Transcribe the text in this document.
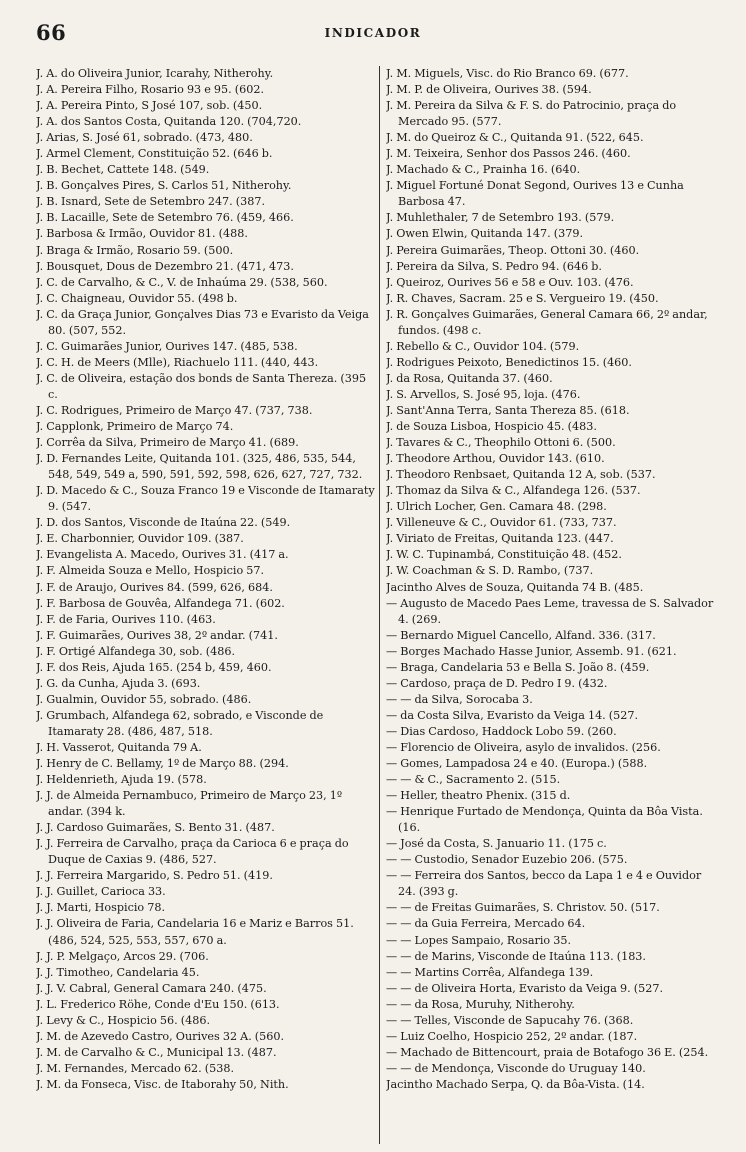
66	INDICADOR
J. A. do Oliveira Junior, Icarahy, Nitherohy.
J. A. Pereira Filho, Rosario 93 e 95. (602.
J. A. Pereira Pinto, S José 107, sob. (450.
J. A. dos Santos Costa, Quitanda 120. (704,720.
J. Arias, S. José 61, sobrado. (473, 480.
J. Armel Clement, Constituição 52. (646 b.
J. B. Bechet, Cattete 148. (549.
J. B. Gonçalves Pires, S. Carlos 51, Nitherohy.
J. B. Isnard, Sete de Setembro 247. (387.
J. B. Lacaille, Sete de Setembro 76. (459, 466.
J. Barbosa & Irmão, Ouvidor 81. (488.
J. Braga & Irmão, Rosario 59. (500.
J. Bousquet, Dous de Dezembro 21. (471, 473.
J. C. de Carvalho, & C., V. de Inhaúma 29. (538, 560.
J. C. Chaigneau, Ouvidor 55. (498 b.
J. C. da Graça Junior, Gonçalves Dias 73 e Evaristo da Veiga 80. (507, 552.
J. C. Guimarães Junior, Ourives 147. (485, 538.
J. C. H. de Meers (Mlle), Riachuelo 111. (440, 443.
J. C. de Oliveira, estação dos bonds de Santa Thereza. (395 c.
J. C. Rodrigues, Primeiro de Março 47. (737, 738.
J. Capplonk, Primeiro de Março 74.
J. Corrêa da Silva, Primeiro de Março 41. (689.
J. D. Fernandes Leite, Quitanda 101. (325, 486, 535, 544, 548, 549, 549 a, 590, 591, 592, 598, 626, 627, 727, 732.
J. D. Macedo & C., Souza Franco 19 e Visconde de Itamaraty 9. (547.
J. D. dos Santos, Visconde de Itaúna 22. (549.
J. E. Charbonnier, Ouvidor 109. (387.
J. Evangelista A. Macedo, Ourives 31. (417 a.
J. F. Almeida Souza e Mello, Hospicio 57.
J. F. de Araujo, Ourives 84. (599, 626, 684.
J. F. Barbosa de Gouvêa, Alfandega 71. (602.
J. F. de Faria, Ourives 110. (463.
J. F. Guimarães, Ourives 38, 2º andar. (741.
J. F. Ortigé Alfandega 30, sob. (486.
J. F. dos Reis, Ajuda 165. (254 b, 459, 460.
J. G. da Cunha, Ajuda 3. (693.
J. Gualmin, Ouvidor 55, sobrado. (486.
J. Grumbach, Alfandega 62, sobrado, e Visconde de Itamaraty 28. (486, 487, 518.
J. H. Vasserot, Quitanda 79 A.
J. Henry de C. Bellamy, 1º de Março 88. (294.
J. Heldenrieth, Ajuda 19. (578.
J. J. de Almeida Pernambuco, Primeiro de Março 23, 1º andar. (394 k.
J. J. Cardoso Guimarães, S. Bento 31. (487.
J. J. Ferreira de Carvalho, praça da Carioca 6 e praça do Duque de Caxias 9. (486, 527.
J. J. Ferreira Margarido, S. Pedro 51. (419.
J. J. Guillet, Carioca 33.
J. J. Marti, Hospicio 78.
J. J. Oliveira de Faria, Candelaria 16 e Mariz e Barros 51. (486, 524, 525, 553, 557, 670 a.
J. J. P. Melgaço, Arcos 29. (706.
J. J. Timotheo, Candelaria 45.
J. J. V. Cabral, General Camara 240. (475.
J. L. Frederico Röhe, Conde d'Eu 150. (613.
J. Levy & C., Hospicio 56. (486.
J. M. de Azevedo Castro, Ourives 32 A. (560.
J. M. de Carvalho & C., Municipal 13. (487.
J. M. Fernandes, Mercado 62. (538.
J. M. da Fonseca, Visc. de Itaborahy 50, Nith.
J. M. Miguels, Visc. do Rio Branco 69. (677.
J. M. P. de Oliveira, Ourives 38. (594.
J. M. Pereira da Silva & F. S. do Patrocinio, praça do Mercado 95. (577.
J. M. do Queiroz & C., Quitanda 91. (522, 645.
J. M. Teixeira, Senhor dos Passos 246. (460.
J. Machado & C., Prainha 16. (640.
J. Miguel Fortuné Donat Segond, Ourives 13 e Cunha Barbosa 47.
J. Muhlethaler, 7 de Setembro 193. (579.
J. Owen Elwin, Quitanda 147. (379.
J. Pereira Guimarães, Theop. Ottoni 30. (460.
J. Pereira da Silva, S. Pedro 94. (646 b.
J. Queiroz, Ourives 56 e 58 e Ouv. 103. (476.
J. R. Chaves, Sacram. 25 e S. Vergueiro 19. (450.
J. R. Gonçalves Guimarães, General Camara 66, 2º andar, fundos. (498 c.
J. Rebello & C., Ouvidor 104. (579.
J. Rodrigues Peixoto, Benedictinos 15. (460.
J. da Rosa, Quitanda 37. (460.
J. S. Arvellos, S. José 95, loja. (476.
J. Sant'Anna Terra, Santa Thereza 85. (618.
J. de Souza Lisboa, Hospicio 45. (483.
J. Tavares & C., Theophilo Ottoni 6. (500.
J. Theodore Arthou, Ouvidor 143. (610.
J. Theodoro Renbsaet, Quitanda 12 A, sob. (537.
J. Thomaz da Silva & C., Alfandega 126. (537.
J. Ulrich Locher, Gen. Camara 48. (298.
J. Villeneuve & C., Ouvidor 61. (733, 737.
J. Viriato de Freitas, Quitanda 123. (447.
J. W. C. Tupinambá, Constituição 48. (452.
J. W. Coachman & S. D. Rambo, (737.
Jacintho Alves de Souza, Quitanda 74 B. (485.
— Augusto de Macedo Paes Leme, travessa de S. Salvador 4. (269.
— Bernardo Miguel Cancello, Alfand. 336. (317.
— Borges Machado Hasse Junior, Assemb. 91. (621.
— Braga, Candelaria 53 e Bella S. João 8. (459.
— Cardoso, praça de D. Pedro I 9. (432.
— — da Silva, Sorocaba 3.
— da Costa Silva, Evaristo da Veiga 14. (527.
— Dias Cardoso, Haddock Lobo 59. (260.
— Florencio de Oliveira, asylo de invalidos. (256.
— Gomes, Lampadosa 24 e 40. (Europa.) (588.
— — & C., Sacramento 2. (515.
— Heller, theatro Phenix. (315 d.
— Henrique Furtado de Mendonça, Quinta da Bôa Vista. (16.
— José da Costa, S. Januario 11. (175 c.
— — Custodio, Senador Euzebio 206. (575.
— — Ferreira dos Santos, becco da Lapa 1 e 4 e Ouvidor 24. (393 g.
— — de Freitas Guimarães, S. Christov. 50. (517.
— — da Guia Ferreira, Mercado 64.
— — Lopes Sampaio, Rosario 35.
— — de Marins, Visconde de Itaúna 113. (183.
— — Martins Corrêa, Alfandega 139.
— — de Oliveira Horta, Evaristo da Veiga 9. (527.
— — da Rosa, Muruhy, Nitherohy.
— — Telles, Visconde de Sapucahy 76. (368.
— Luiz Coelho, Hospicio 252, 2º andar. (187.
— Machado de Bittencourt, praia de Botafogo 36 E. (254.
— — de Mendonça, Visconde do Uruguay 140.
Jacintho Machado Serpa, Q. da Bôa-Vista. (14.
